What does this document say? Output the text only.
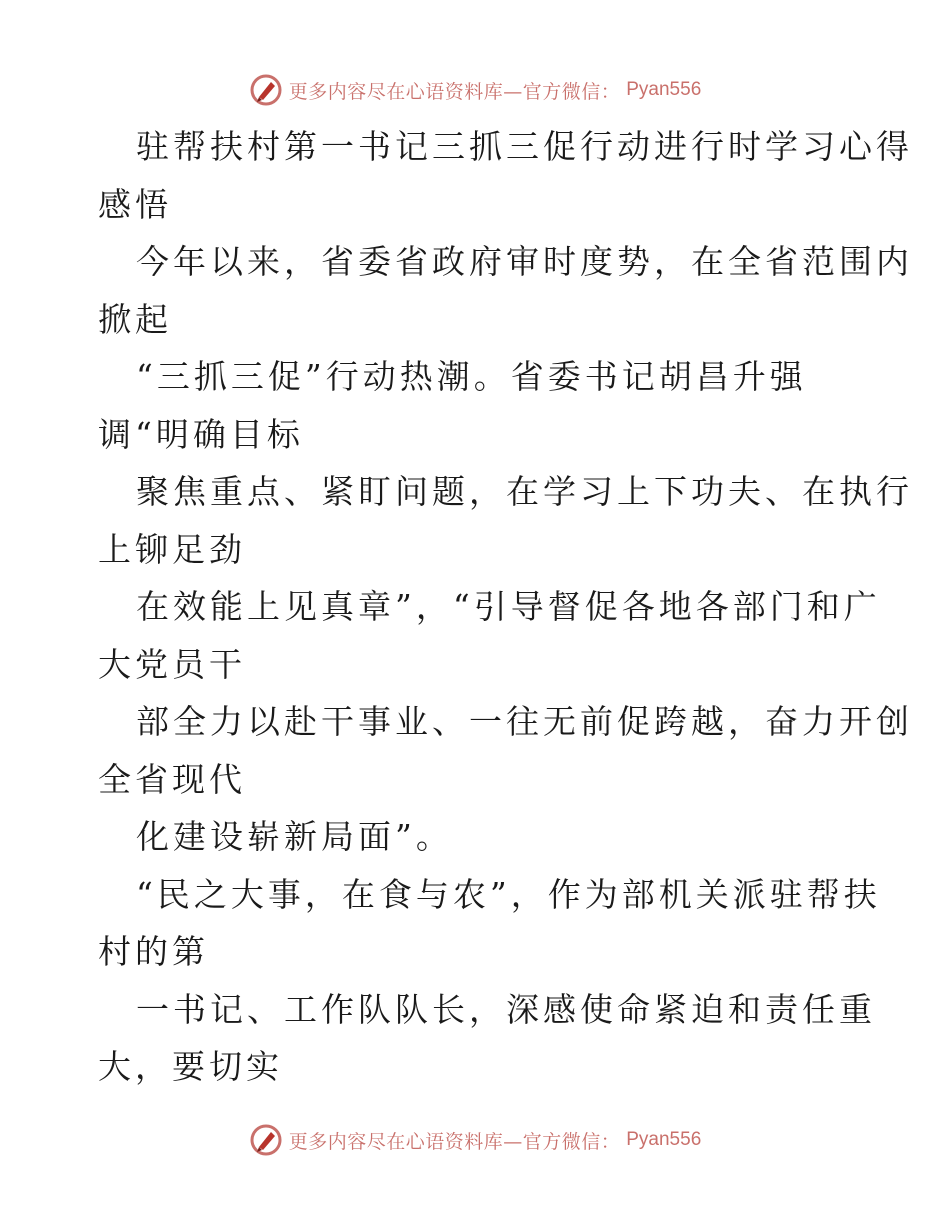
更多内容尽在心语资料库—官方微信： Pyan556
驻帮扶村第一书记三抓三促行动进行时学习心得
感悟
今年以来，省委省政府审时度势，在全省范围内
掀起
“三抓三促”行动热潮。省委书记胡昌升强
调“明确目标
聚焦重点、紧盯问题，在学习上下功夫、在执行
上铆足劲
在效能上见真章”，“引导督促各地各部门和广
大党员干
部全力以赴干事业、一往无前促跨越，奋力开创
全省现代
化建设崭新局面”。
“民之大事，在食与农”，作为部机关派驻帮扶
村的第
一书记、工作队队长，深感使命紧迫和责任重
大，要切实
更多内容尽在心语资料库—官方微信： Pyan556
